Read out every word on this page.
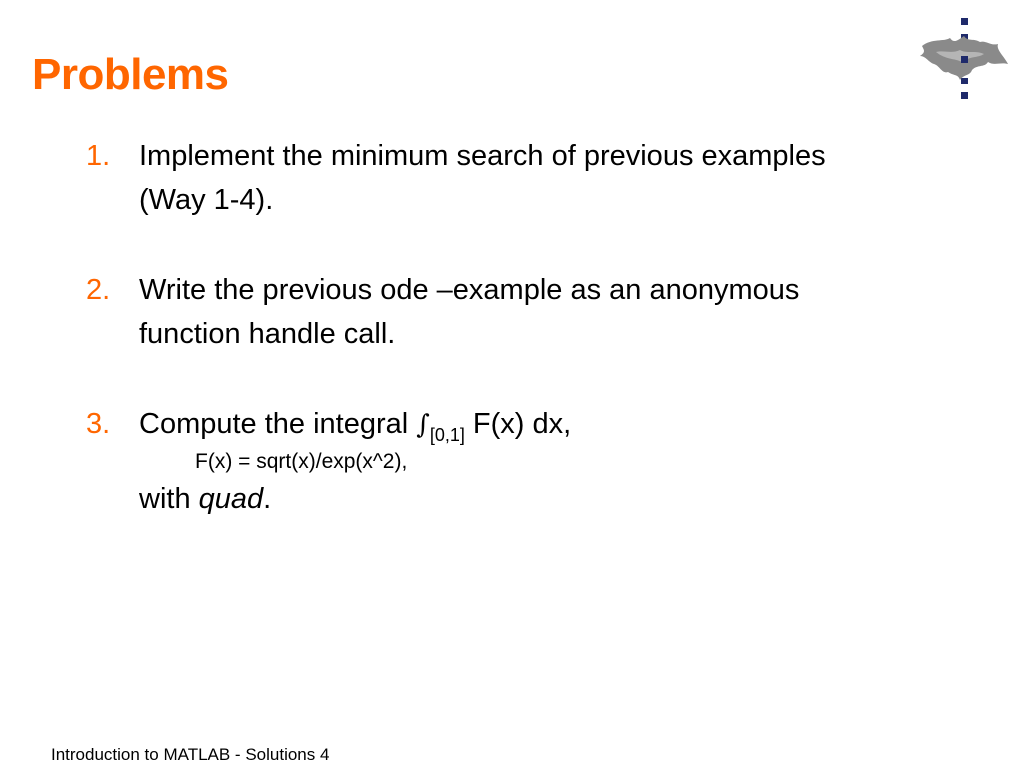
Problems
1. Implement the minimum search of previous examples
(Way 1-4).
2. Write the previous ode –example as an anonymous
function handle call.
3. Compute the integral $\int_{[0,1]}$ F(x) dx,
F(x) = sqrt(x)/exp(x^2),
with quad.
Introduction to MATLAB - Solutions 4
